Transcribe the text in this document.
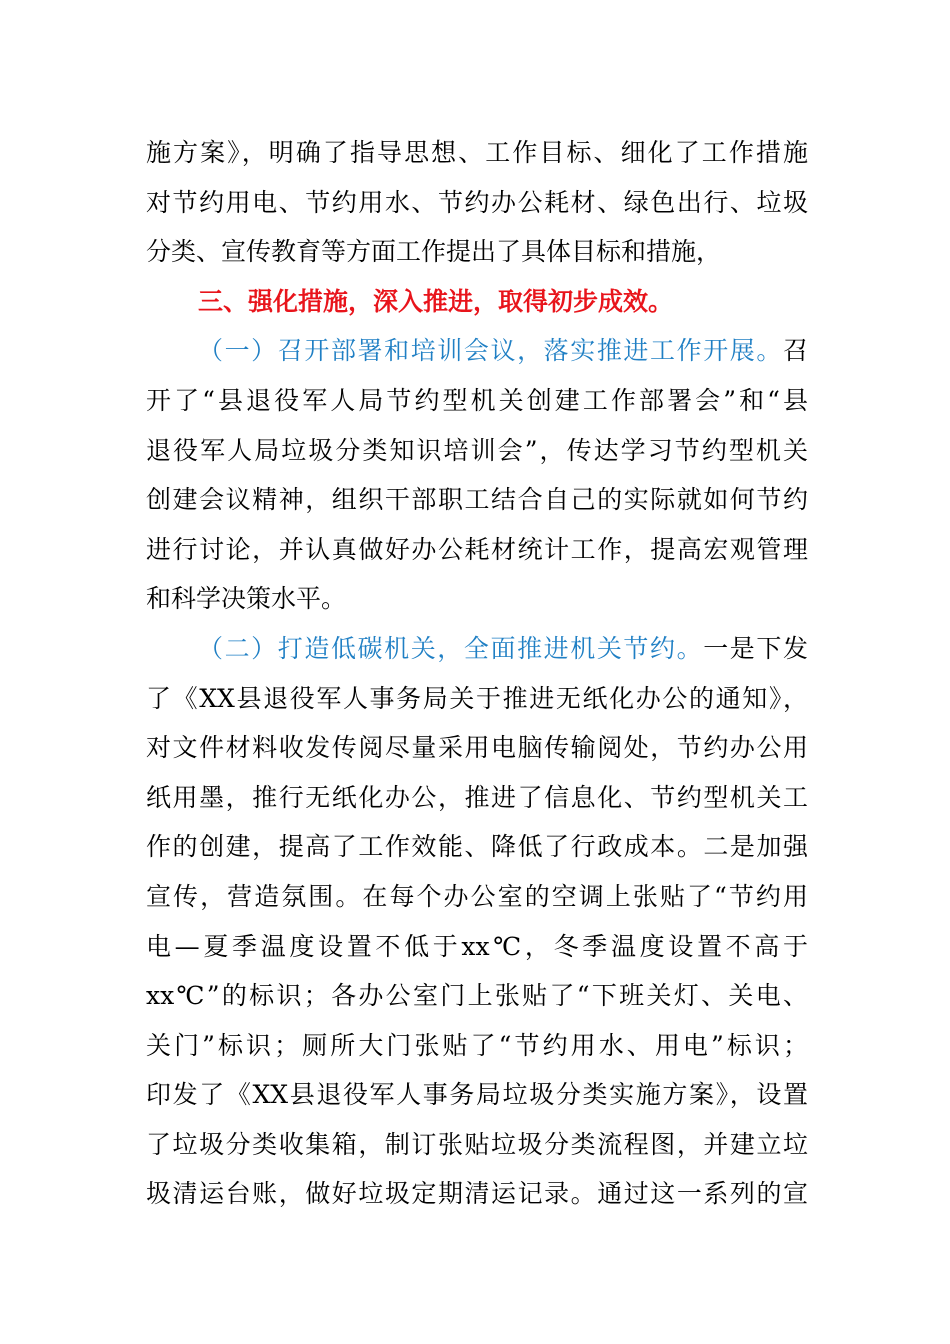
施方案》，明确了指导思想、工作目标、细化了工作措施
对节约用电、节约用水、节约办公耗材、绿色出行、垃圾
分类、宣传教育等方面工作提出了具体目标和措施，
三、强化措施，深入推进，取得初步成效。
（一）召开部署和培训会议，落实推进工作开展。召
开了“县退役军人局节约型机关创建工作部署会”和“县
退役军人局垃圾分类知识培训会”，传达学习节约型机关
创建会议精神，组织干部职工结合自己的实际就如何节约
进行讨论，并认真做好办公耗材统计工作，提高宏观管理
和科学决策水平。
（二）打造低碳机关，全面推进机关节约。一是下发
了《XX县退役军人事务局关于推进无纸化办公的通知》，
对文件材料收发传阅尽量采用电脑传输阅处，节约办公用
纸用墨，推行无纸化办公，推进了信息化、节约型机关工
作的创建，提高了工作效能、降低了行政成本。二是加强
宣传，营造氛围。在每个办公室的空调上张贴了“节约用
电—夏季温度设置不低于xx℃，冬季温度设置不高于
xx℃”的标识；各办公室门上张贴了“下班关灯、关电、
关门”标识；厕所大门张贴了“节约用水、用电”标识；
印发了《XX县退役军人事务局垃圾分类实施方案》，设置
了垃圾分类收集箱，制订张贴垃圾分类流程图，并建立垃
圾清运台账，做好垃圾定期清运记录。通过这一系列的宣
